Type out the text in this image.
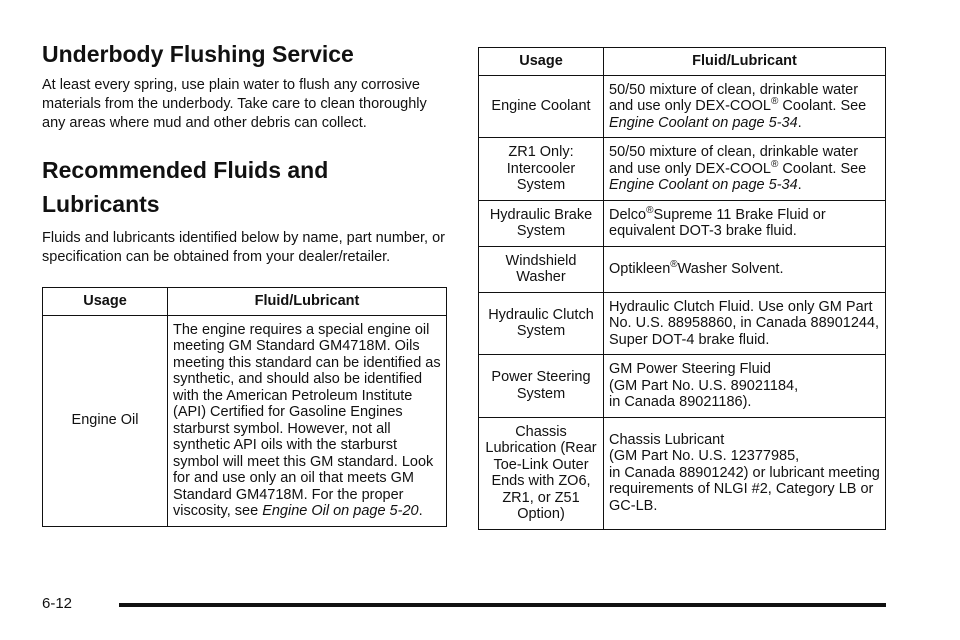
Underbody Flushing Service

At least every spring, use plain water to flush any corrosive materials from the underbody. Take care to clean thoroughly any areas where mud and other debris can collect.

Recommended Fluids and
Lubricants

Fluids and lubricants identified below by name, part number, or specification can be obtained from your dealer/retailer.

Usage	Fluid/Lubricant
Engine Oil	The engine requires a special engine oil meeting GM Standard GM4718M. Oils meeting this standard can be identified as synthetic, and should also be identified with the American Petroleum Institute (API) Certified for Gasoline Engines starburst symbol. However, not all synthetic API oils with the starburst symbol will meet this GM standard. Look for and use only an oil that meets GM Standard GM4718M. For the proper viscosity, see Engine Oil on page 5-20.
Usage	Fluid/Lubricant
Engine Coolant	50/50 mixture of clean, drinkable water and use only DEX-COOL® Coolant. See Engine Coolant on page 5-34.
ZR1 Only:
Intercooler
System	50/50 mixture of clean, drinkable water and use only DEX-COOL® Coolant. See Engine Coolant on page 5-34.
Hydraulic Brake System	Delco®Supreme 11 Brake Fluid or equivalent DOT-3 brake fluid.
Windshield Washer	Optikleen®Washer Solvent.
Hydraulic Clutch System	Hydraulic Clutch Fluid. Use only GM Part No. U.S. 88958860, in Canada 88901244, Super DOT-4 brake fluid.
Power Steering System	GM Power Steering Fluid
(GM Part No. U.S. 89021184,
in Canada 89021186).
Chassis Lubrication (Rear Toe-Link Outer Ends with ZO6, ZR1, or Z51 Option)	Chassis Lubricant
(GM Part No. U.S. 12377985,
in Canada 88901242) or lubricant meeting requirements of NLGI #2, Category LB or GC-LB.
6-12
